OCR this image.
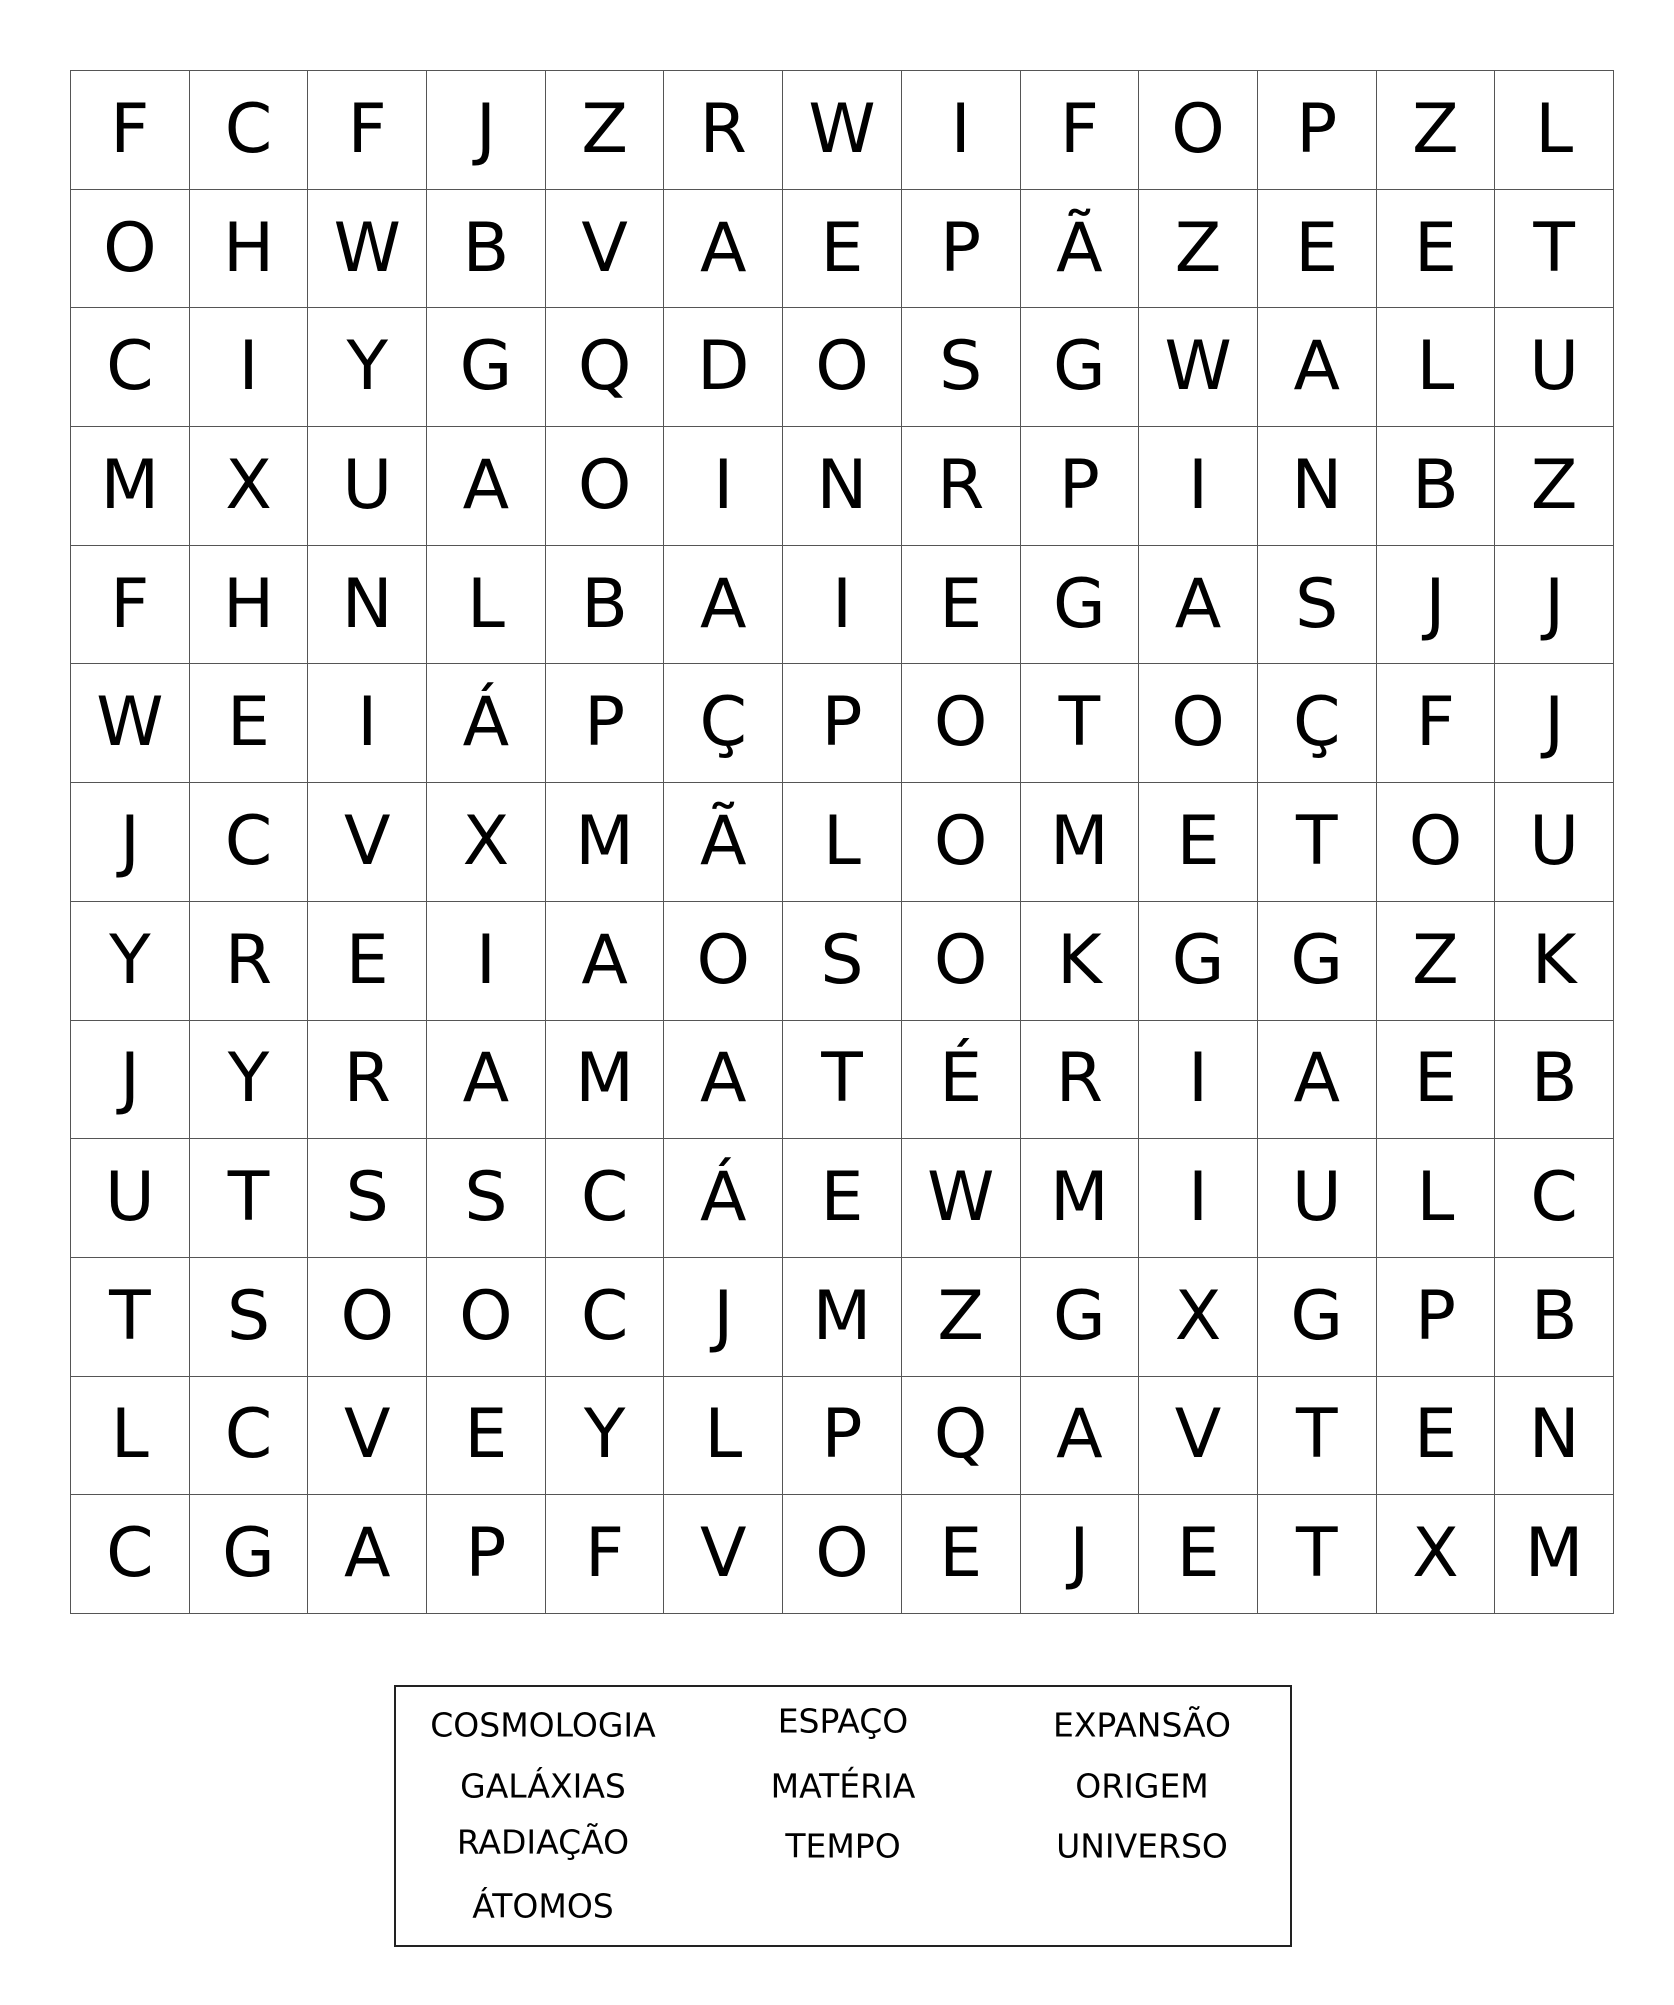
F	C	F	J	Z	R W	I	F	O	P	Z	L
O H W B	V	A	E	P	Ã	Z	E	E	T
C	I	Y	G Q D O	S	G W A	L	U
M X	U	A	O	I	N	R	P	I	N	B	Z
F	H N	L	B	A	I	E	G	A	S	J	J
W E	I	Á	P	Ç	P	O	T	O	Ç	F	J
J	C	V	X M Ã	L	O M E	T	O U
Y	R	E	I	A	O	S	O	K	G G	Z	K
J	Y	R	A M A	T	É	R	I	A	E	B
U	T	S	S	C	Á	E W M	I	U	L	C
T	S	O O	C	J	M Z	G	X	G	P	B
L	C	V	E	Y	L	P	Q	A	V	T	E	N
C	G	A	P	F	V	O	E	J	E	T	X M
COSMOLOGIA
GALÁXIAS
RADIAÇÃO
ÁTOMOS
ESPAÇO
MATÉRIA
TEMPO
EXPANSÃO
ORIGEM
UNIVERSO
